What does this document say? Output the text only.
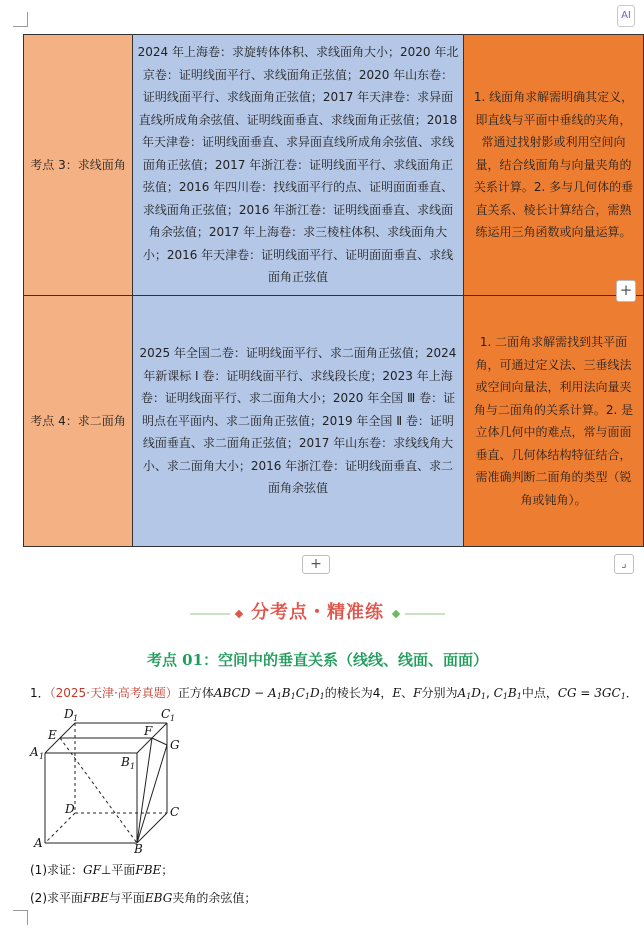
AI
考点 3：求线面角	2024 年上海卷：求旋转体体积、求线面角大小；2020 年北京卷：证明线面平行、求线面角正弦值；2020 年山东卷：证明线面平行、求线面角正弦值；2017 年天津卷：求异面直线所成角余弦值、证明线面垂直、求线面角正弦值；2018 年天津卷：证明线面垂直、求异面直线所成角余弦值、求线面角正弦值；2017 年浙江卷：证明线面平行、求线面角正弦值；2016 年四川卷：找线面平行的点、证明面面垂直、求线面角正弦值；2016 年浙江卷：证明线面垂直、求线面角余弦值；2017 年上海卷：求三棱柱体积、求线面角大小；2016 年天津卷：证明线面平行、证明面面垂直、求线面角正弦值	1. 线面角求解需明确其定义，即直线与平面中垂线的夹角，常通过找射影或利用空间向量，结合线面角与向量夹角的关系计算。2. 多与几何体的垂直关系、棱长计算结合，需熟练运用三角函数或向量运算。
考点 4：求二面角	2025 年全国二卷：证明线面平行、求二面角正弦值；2024 年新课标 Ⅰ 卷：证明线面平行、求线段长度；2023 年上海卷：证明线面平行、求二面角大小；2020 年全国 Ⅲ 卷：证明点在平面内、求二面角正弦值；2019 年全国 Ⅱ 卷：证明线面垂直、求二面角正弦值；2017 年山东卷：求线线角大小、求二面角大小；2016 年浙江卷：证明线面垂直、求二面角余弦值	1. 二面角求解需找到其平面角，可通过定义法、三垂线法或空间向量法，利用法向量夹角与二面角的关系计算。2. 是立体几何中的难点，常与面面垂直、几何体结构特征结合，需准确判断二面角的类型（锐角或钝角）。
+
+	⌟
分考点・精准练
考点 01：空间中的垂直关系（线线、线面、面面）
1．（2025·天津·高考真题）正方体ABCD − $A_1B_1C_1D_1$的棱长为4，E、F分别为$A_1D_1$, $C_1B_1$中点，CG = $3GC_1$．
D 1	C 1
E	F
G
A 1	B 1
D	C
A	B
(1)求证：GF⊥平面FBE；
(2)求平面FBE与平面EBG夹角的余弦值；
